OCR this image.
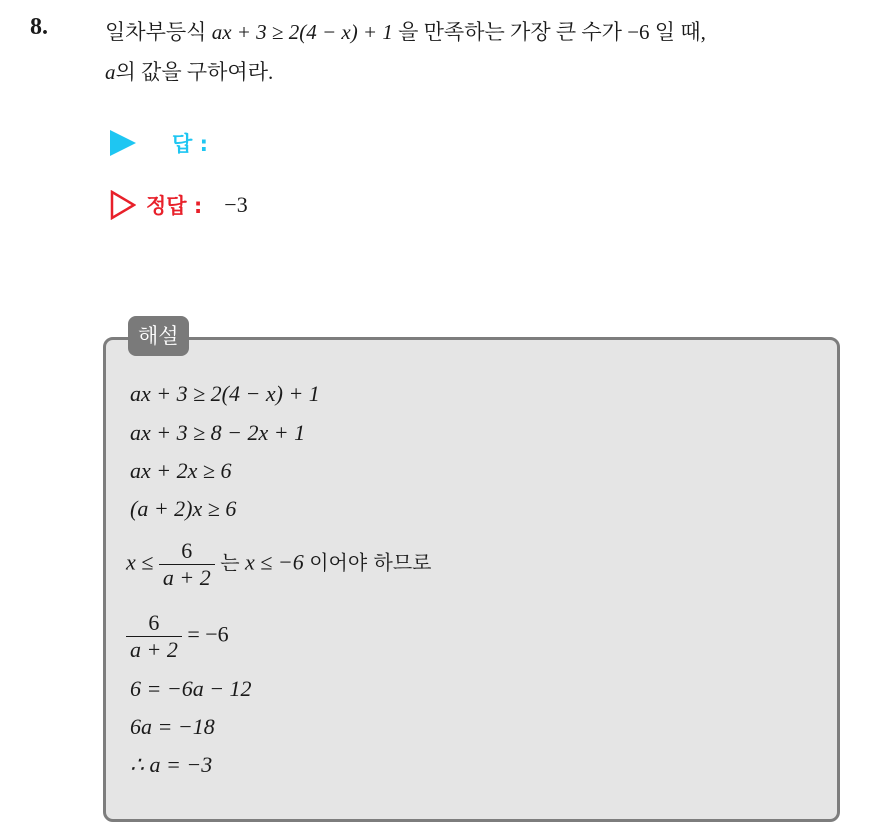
8.	일차부등식 ax + 3 ≥ 2(4 − x) + 1 을 만족하는 가장 큰 수가 −6 일 때,
a의 값을 구하여라.
답 :
정답 : −3
해설
ax + 3 ≥ 2(4 − x) + 1
ax + 3 ≥ 8 − 2x + 1
ax + 2x ≥ 6
(a + 2)x ≥ 6
$x \le \frac{6}{a + 2}$ 는 x ≤ −6 이어야 하므로
$\frac{6}{a + 2} = -6$
6 = −6a − 12
6a = −18
∴ a = −3
